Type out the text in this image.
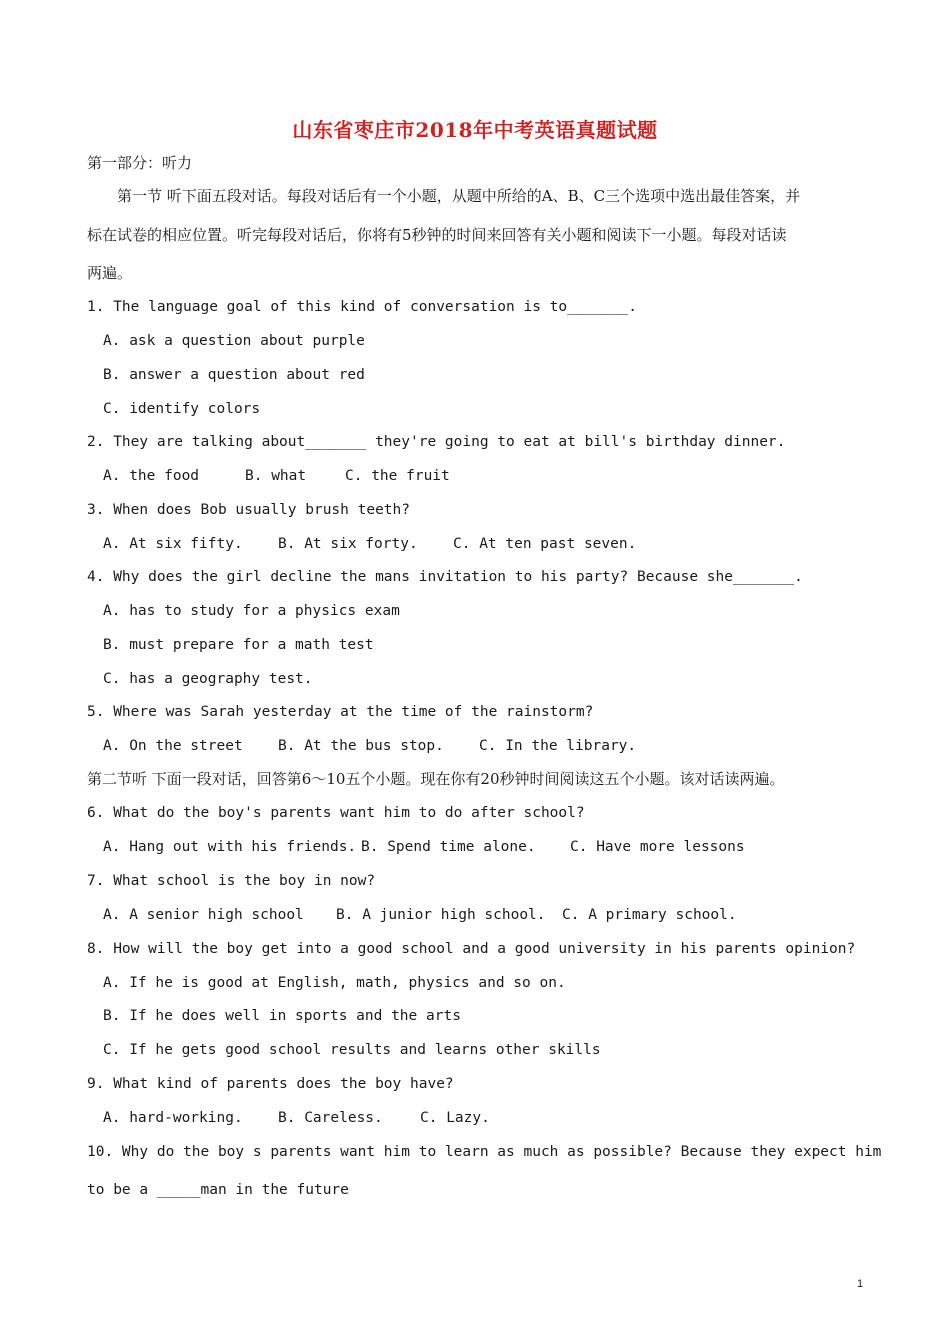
山东省枣庄市2018年中考英语真题试题
第一部分：听力
第一节 听下面五段对话。每段对话后有一个小题，从题中所给的A、B、C三个选项中选出最佳答案，并
标在试卷的相应位置。听完每段对话后，你将有5秒钟的时间来回答有关小题和阅读下一小题。每段对话读
两遍。
1. The language goal of this kind of conversation is to_______.
A. ask a question about purple
B. answer a question about red
C. identify colors
2. They are talking about_______ they're going to eat at bill's birthday dinner.
A. the food	B. what	C. the fruit
3. When does Bob usually brush teeth?
A. At six fifty. B. At six forty. C. At ten past seven.
4. Why does the girl decline the mans invitation to his party? Because she_______.
A. has to study for a physics exam
B. must prepare for a math test
C. has a geography test.
5. Where was Sarah yesterday at the time of the rainstorm?
A. On the street B. At the bus stop. C. In the library.
第二节听 下面一段对话，回答第6～10五个小题。现在你有20秒钟时间阅读这五个小题。该对话读两遍。
6. What do the boy's parents want him to do after school?
A. Hang out with his friends. B. Spend time alone. C. Have more lessons
7. What school is the boy in now?
A. A senior high school B. A junior high school. C. A primary school.
8. How will the boy get into a good school and a good university in his parents opinion?
A. If he is good at English, math, physics and so on.
B. If he does well in sports and the arts
C. If he gets good school results and learns other skills
9. What kind of parents does the boy have?
A. hard-working. B. Careless.	C. Lazy.
10. Why do the boy s parents want him to learn as much as possible? Because they expect him
to be a _____man in the future
1
